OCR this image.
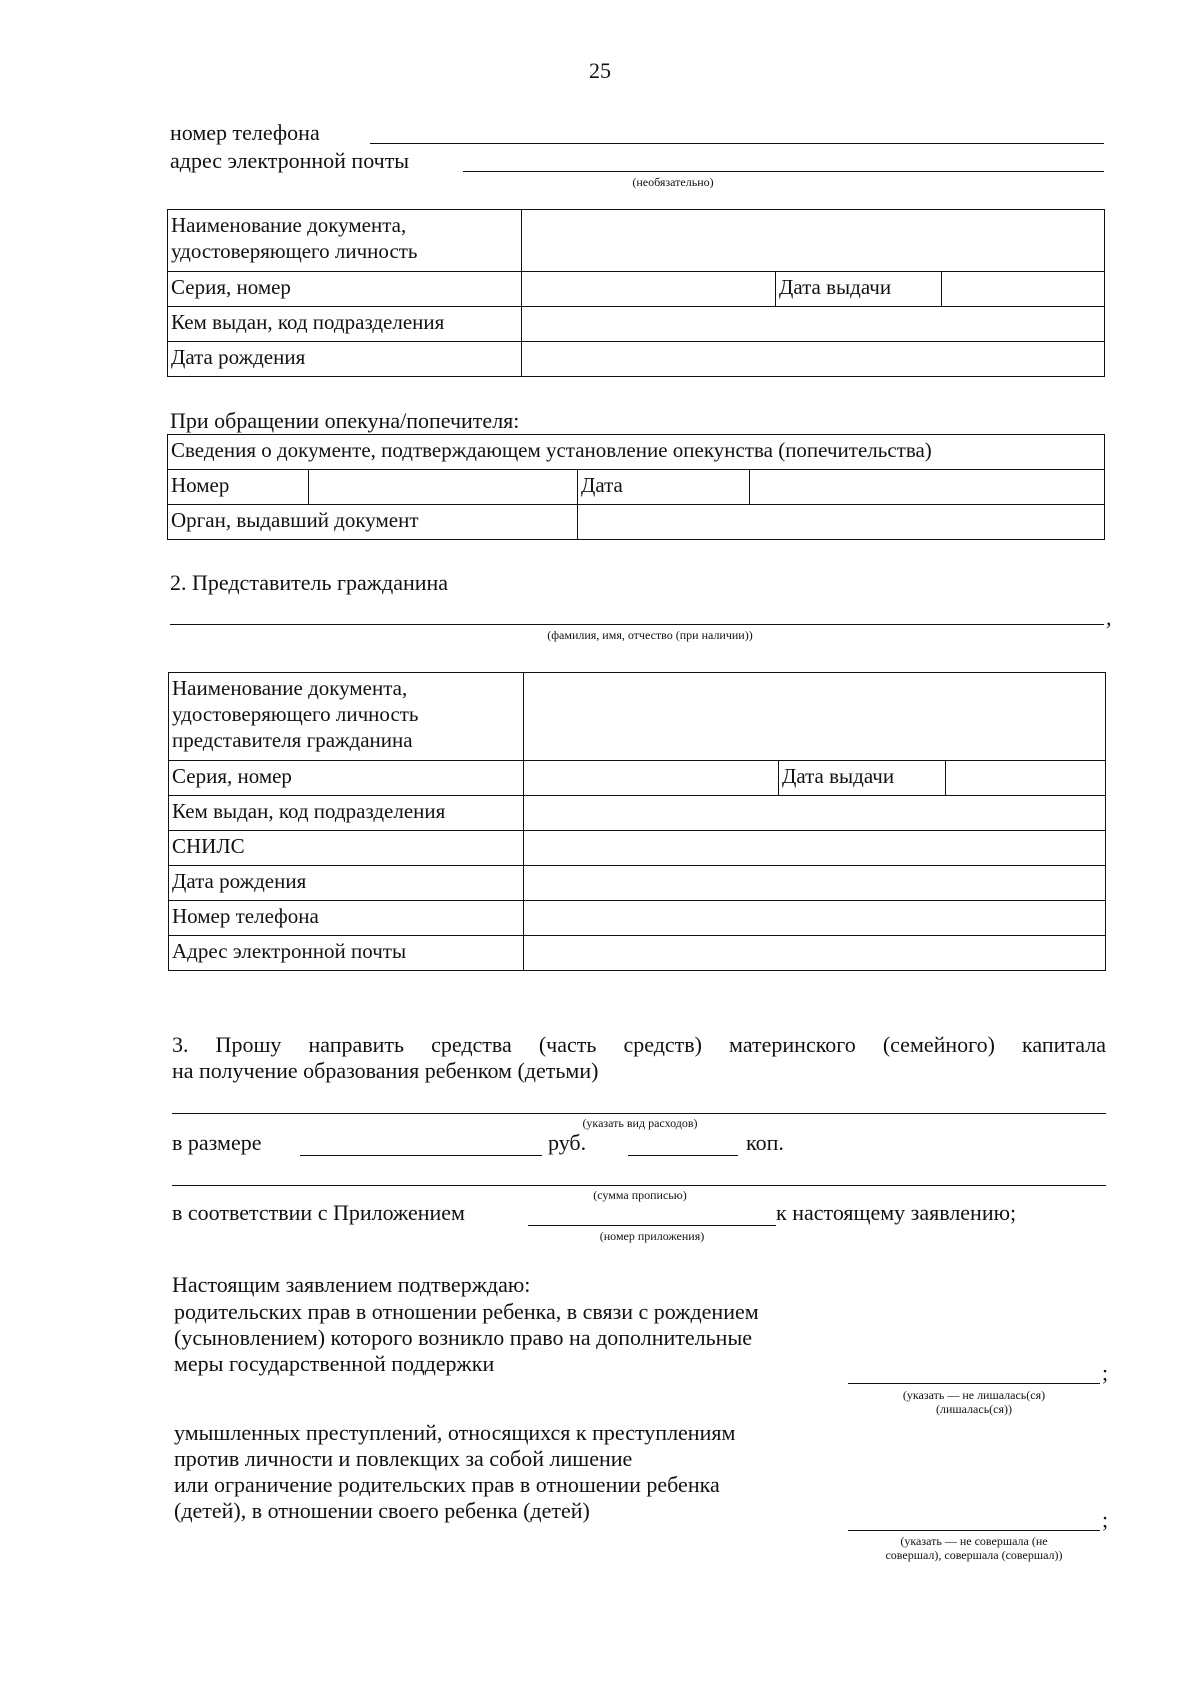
25
номер телефона
адрес электронной почты
(необязательно)
Наименование документа, удостоверяющего личность			
Серия, номер		Дата выдачи	
Кем выдан, код подразделения			
Дата рождения			
При обращении опекуна/попечителя:
Сведения о документе, подтверждающем установление опекунства (попечительства)			
Номер		Дата	
Орган, выдавший документ			
2. Представитель гражданина
,
(фамилия, имя, отчество (при наличии))
Наименование документа, удостоверяющего личность представителя гражданина			
Серия, номер		Дата выдачи	
Кем выдан, код подразделения			
СНИЛС			
Дата рождения			
Номер телефона			
Адрес электронной почты			
3. Прошу направить средства (часть средств) материнского (семейного) капитала
на получение образования ребенком (детьми)
(указать вид расходов)
в размере	руб.	коп.
(сумма прописью)
в соответствии с Приложением	к настоящему заявлению;
(номер приложения)
Настоящим заявлением подтверждаю:
родительских прав в отношении ребенка, в связи с рождением
(усыновлением) которого возникло право на дополнительные
меры государственной поддержки	;
(указать — не лишалась(ся)
(лишалась(ся))
умышленных преступлений, относящихся к преступлениям
против личности и повлекщих за собой лишение
или ограничение родительских прав в отношении ребенка
(детей), в отношении своего ребенка (детей)	;
(указать — не совершала (не
совершал), совершала (совершал))
